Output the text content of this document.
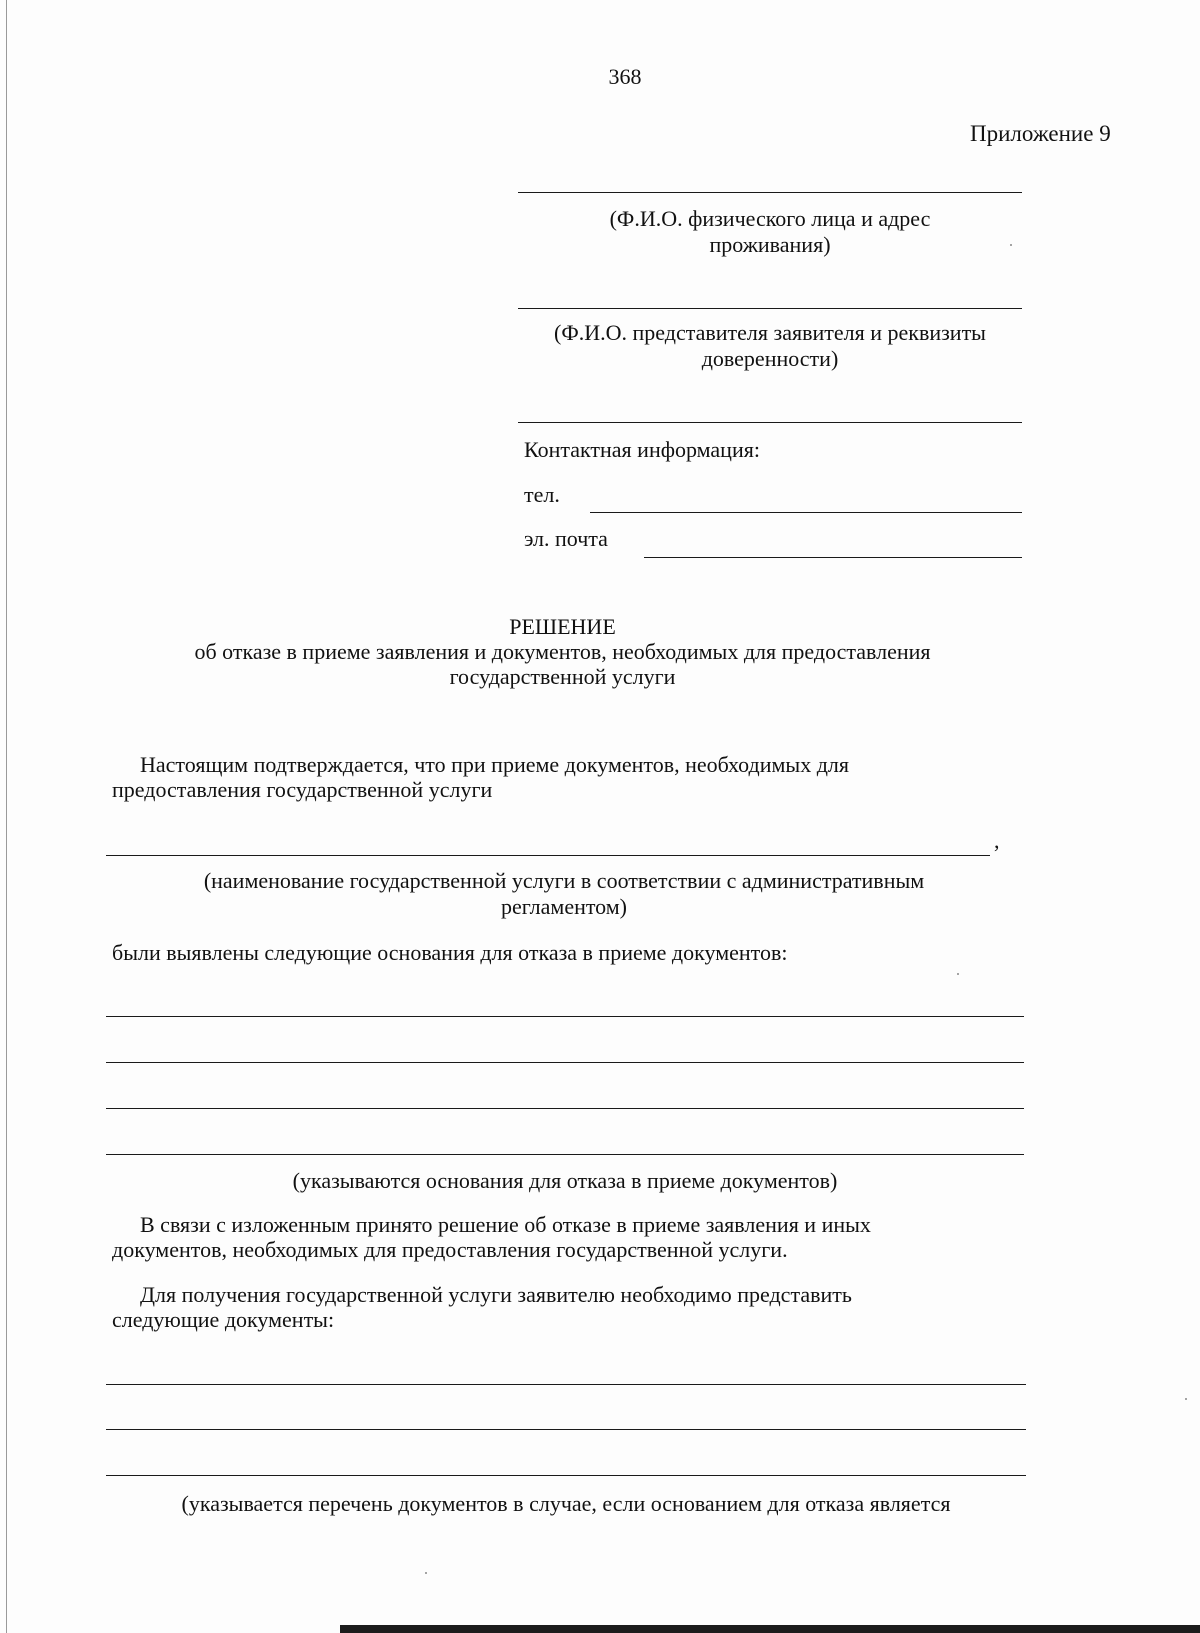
368
Приложение 9
(Ф.И.О. физического лица и адрес
проживания)
(Ф.И.О. представителя заявителя и реквизиты
доверенности)
Контактная информация:
тел.
эл. почта
РЕШЕНИЕ
об отказе в приеме заявления и документов, необходимых для предоставления
государственной услуги
Настоящим подтверждается, что при приеме документов, необходимых для
предоставления государственной услуги
,
(наименование государственной услуги в соответствии с административным
регламентом)
были выявлены следующие основания для отказа в приеме документов:
(указываются основания для отказа в приеме документов)
В связи с изложенным принято решение об отказе в приеме заявления и иных
документов, необходимых для предоставления государственной услуги.
Для получения государственной услуги заявителю необходимо представить
следующие документы:
(указывается перечень документов в случае, если основанием для отказа является
